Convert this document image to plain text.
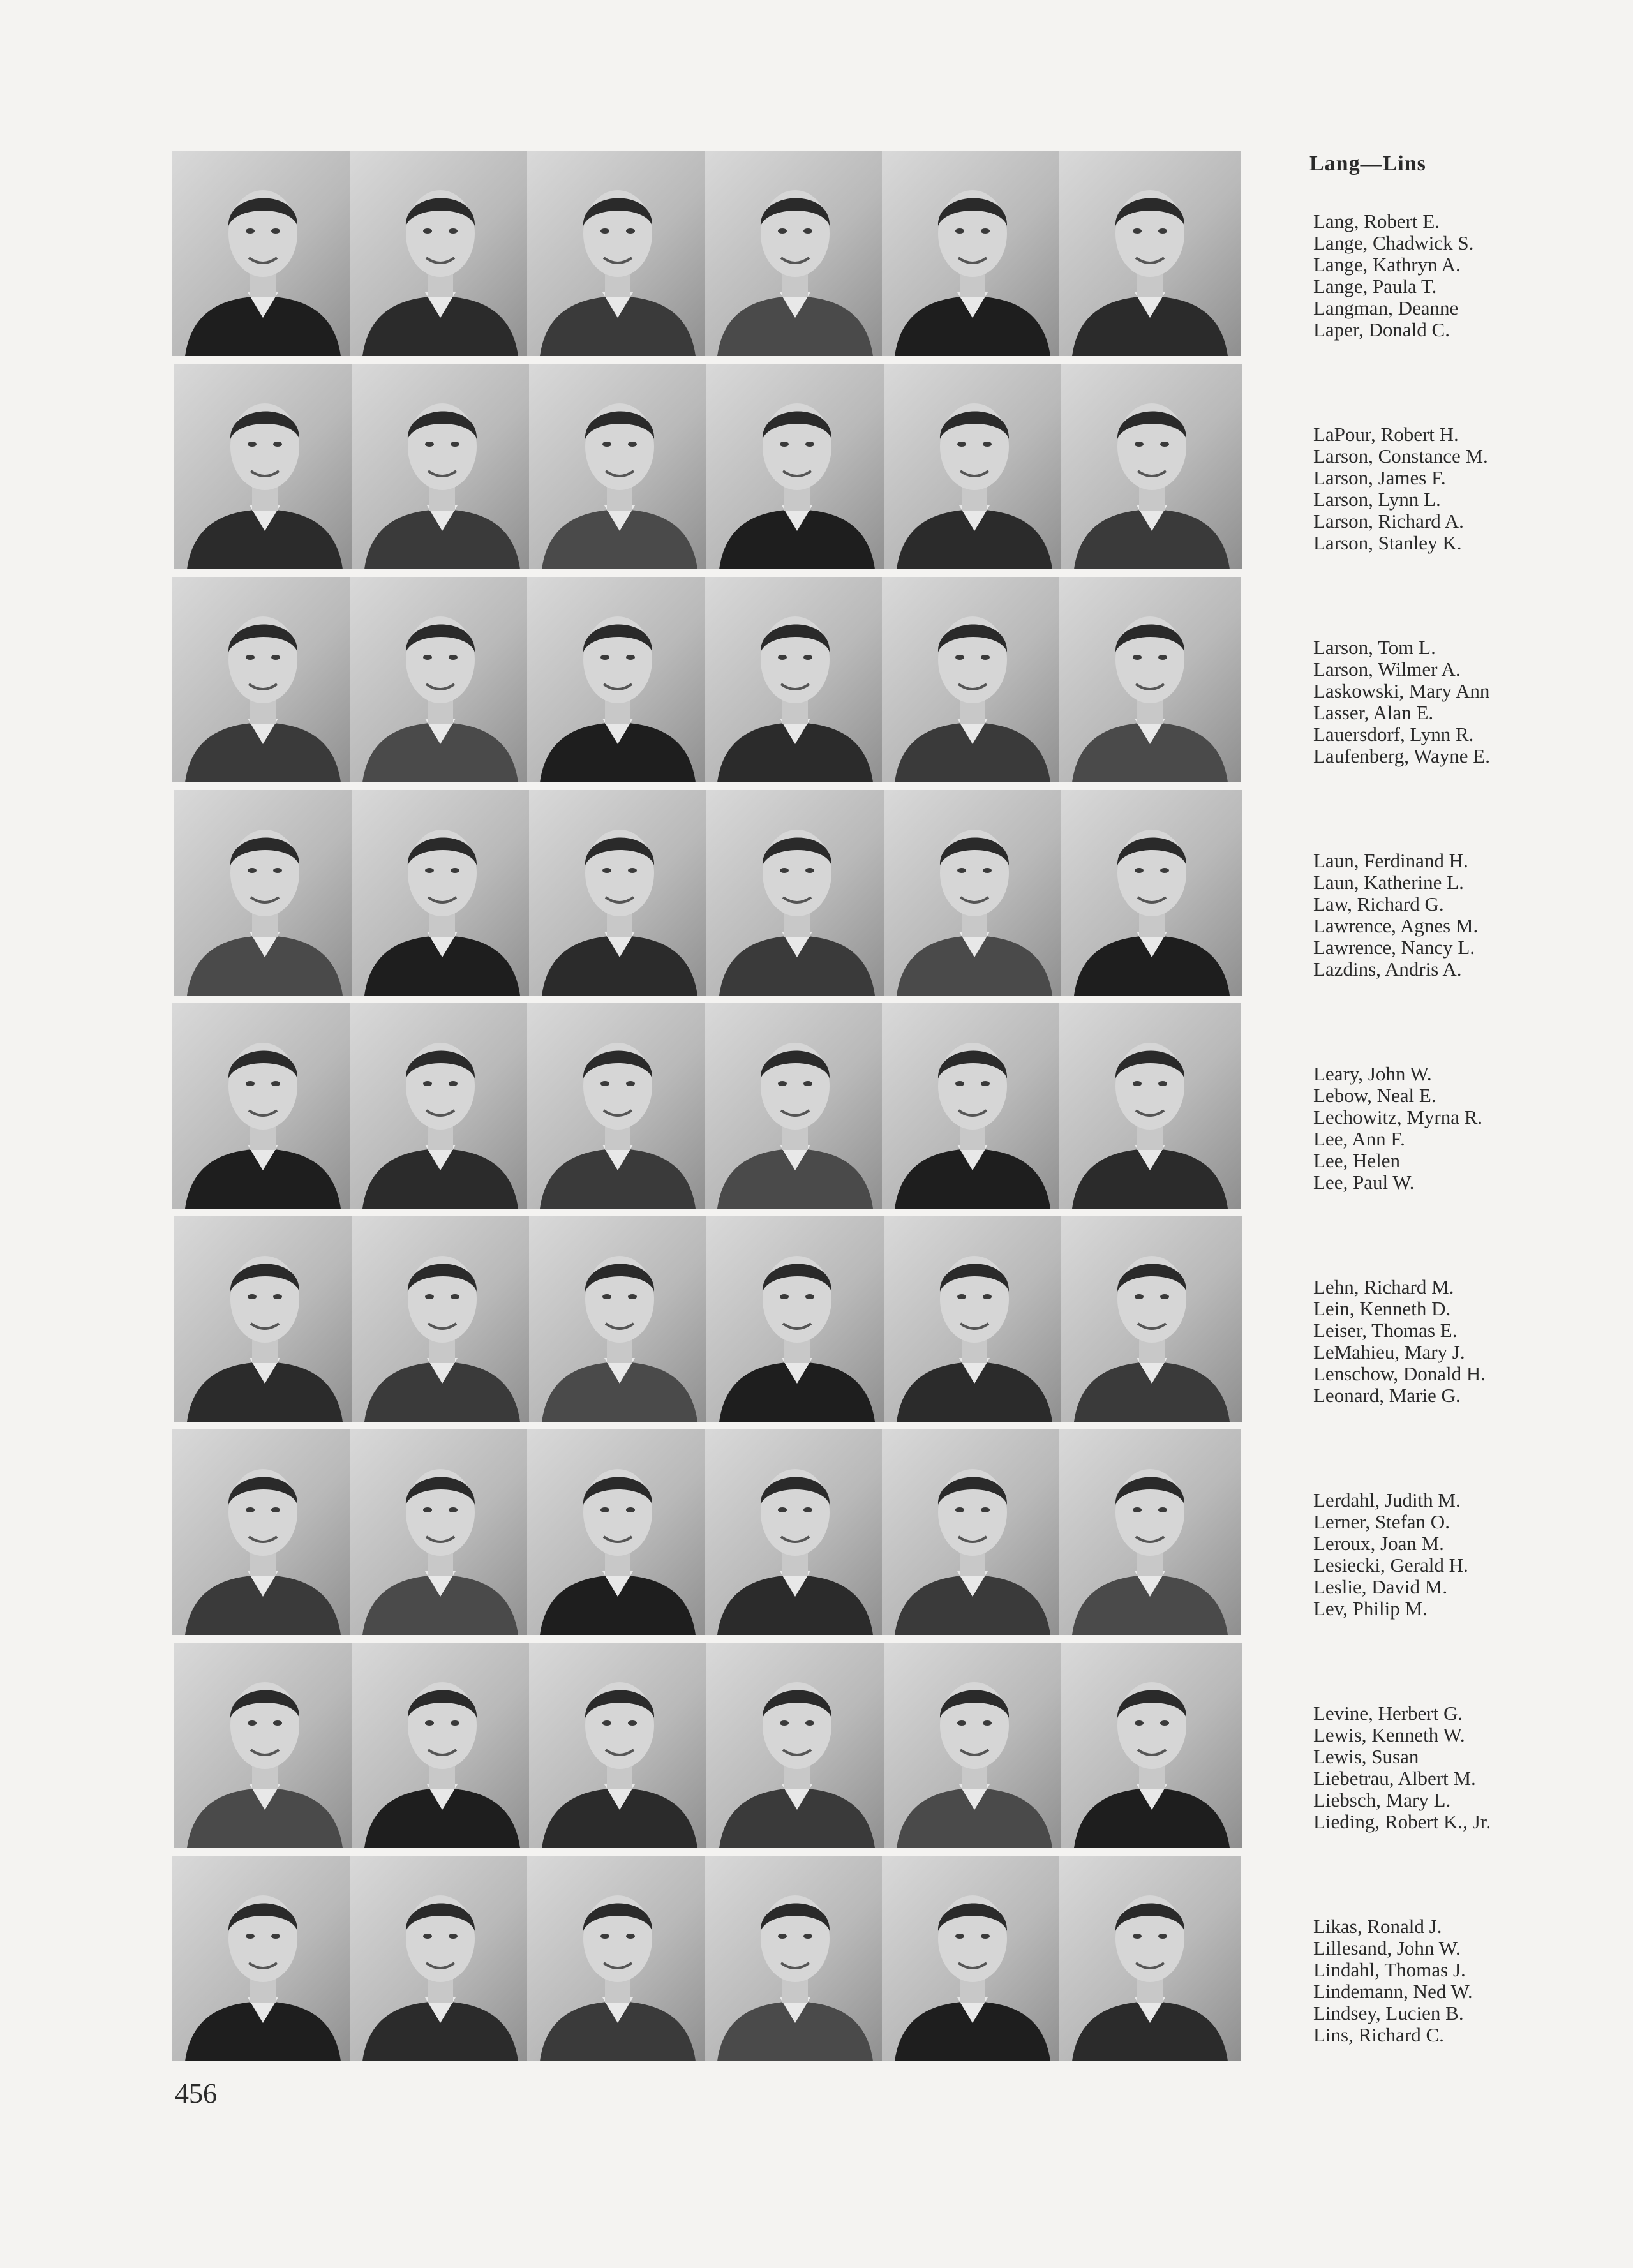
Lang—Lins
Lang, Robert E.
Lange, Chadwick S.
Lange, Kathryn A.
Lange, Paula T.
Langman, Deanne
Laper, Donald C.
LaPour, Robert H.
Larson, Constance M.
Larson, James F.
Larson, Lynn L.
Larson, Richard A.
Larson, Stanley K.
Larson, Tom L.
Larson, Wilmer A.
Laskowski, Mary Ann
Lasser, Alan E.
Lauersdorf, Lynn R.
Laufenberg, Wayne E.
Laun, Ferdinand H.
Laun, Katherine L.
Law, Richard G.
Lawrence, Agnes M.
Lawrence, Nancy L.
Lazdins, Andris A.
Leary, John W.
Lebow, Neal E.
Lechowitz, Myrna R.
Lee, Ann F.
Lee, Helen
Lee, Paul W.
Lehn, Richard M.
Lein, Kenneth D.
Leiser, Thomas E.
LeMahieu, Mary J.
Lenschow, Donald H.
Leonard, Marie G.
Lerdahl, Judith M.
Lerner, Stefan O.
Leroux, Joan M.
Lesiecki, Gerald H.
Leslie, David M.
Lev, Philip M.
Levine, Herbert G.
Lewis, Kenneth W.
Lewis, Susan
Liebetrau, Albert M.
Liebsch, Mary L.
Lieding, Robert K., Jr.
Likas, Ronald J.
Lillesand, John W.
Lindahl, Thomas J.
Lindemann, Ned W.
Lindsey, Lucien B.
Lins, Richard C.
456
